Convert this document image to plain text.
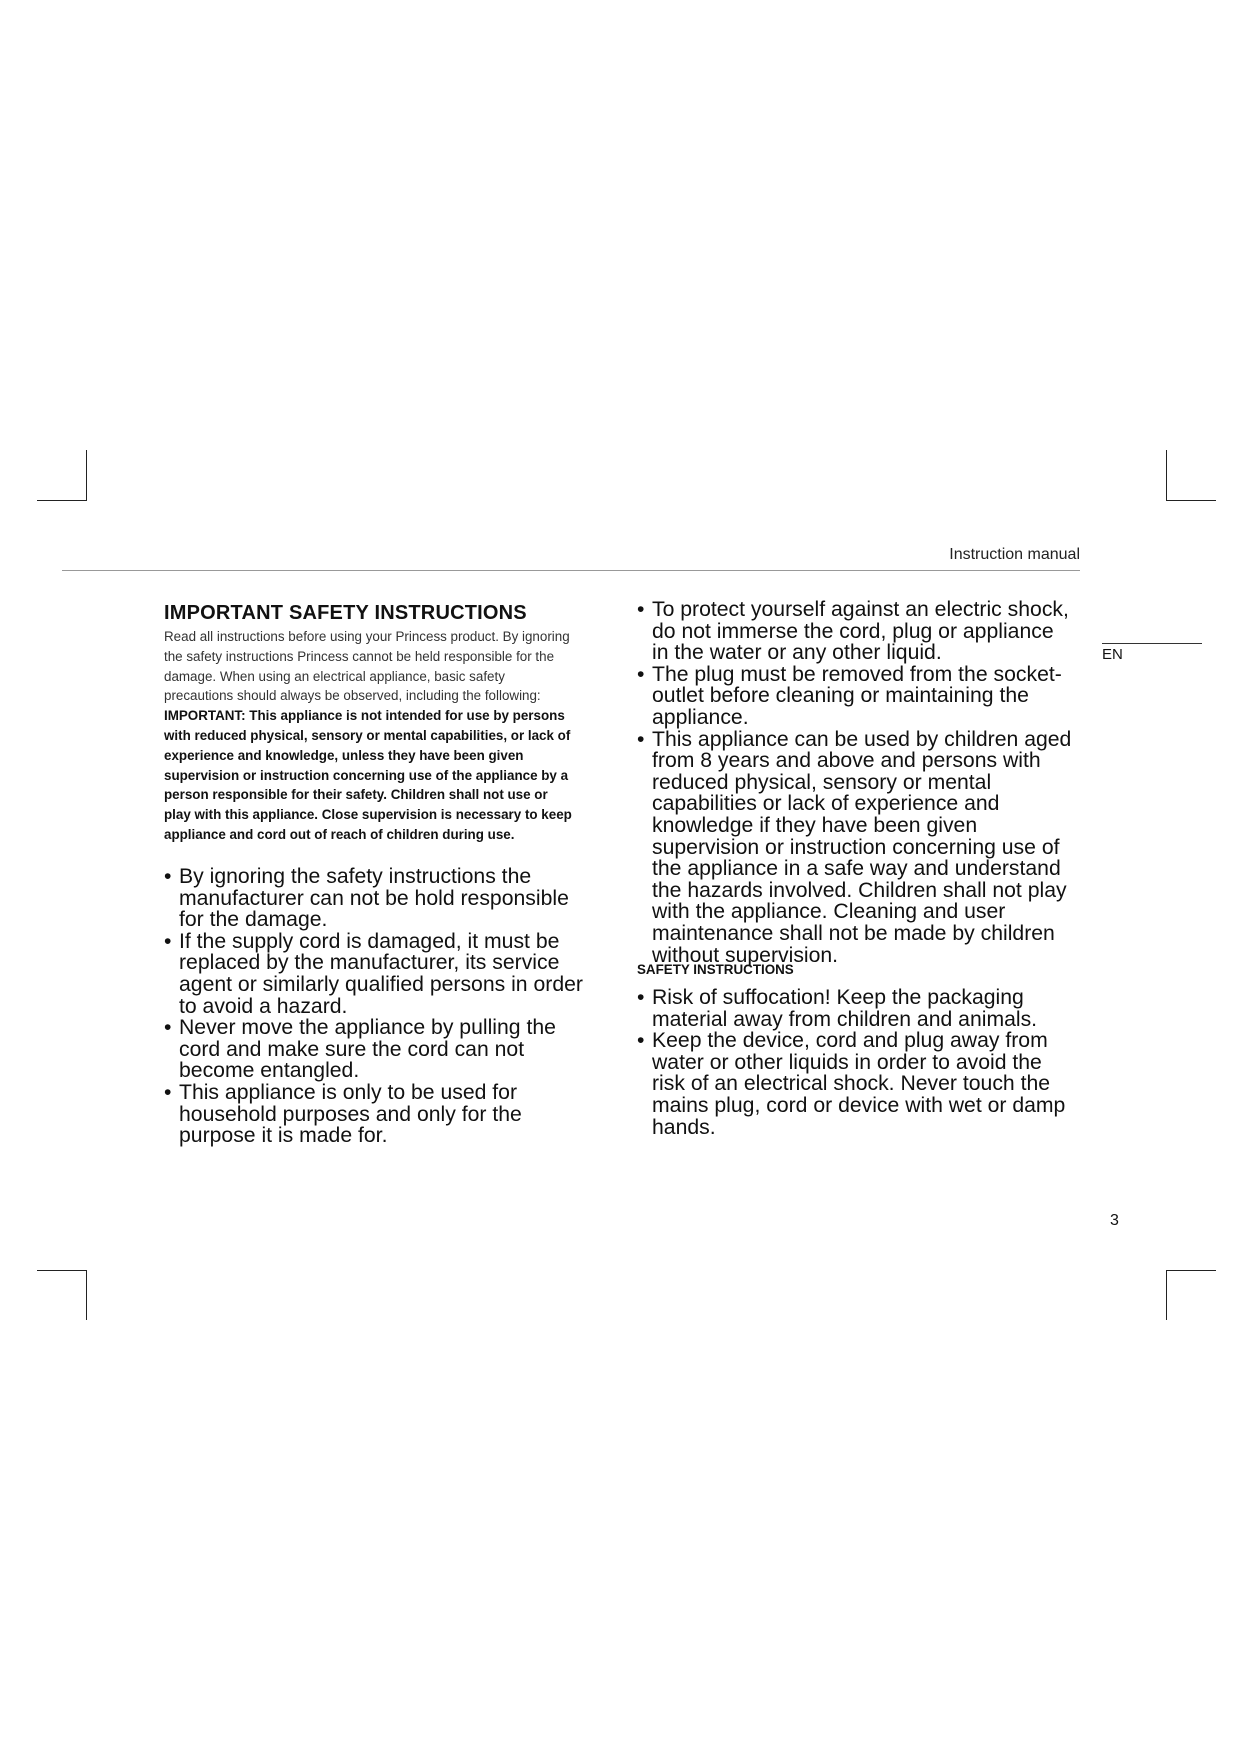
Instruction manual
EN
IMPORTANT SAFETY INSTRUCTIONS
Read all instructions before using your Princess product. By ignoring
the safety instructions Princess cannot be held responsible for the
damage. When using an electrical appliance, basic safety
precautions should always be observed, including the following:
IMPORTANT: This appliance is not intended for use by persons
with reduced physical, sensory or mental capabilities, or lack of
experience and knowledge, unless they have been given
supervision or instruction concerning use of the appliance by a
person responsible for their safety. Children shall not use or
play with this appliance. Close supervision is necessary to keep
appliance and cord out of reach of children during use.
• By ignoring the safety instructions the
manufacturer can not be hold responsible
for the damage.
• If the supply cord is damaged, it must be
replaced by the manufacturer, its service
agent or similarly qualified persons in order
to avoid a hazard.
• Never move the appliance by pulling the
cord and make sure the cord can not
become entangled.
• This appliance is only to be used for
household purposes and only for the
purpose it is made for.
• To protect yourself against an electric shock,
do not immerse the cord, plug or appliance
in the water or any other liquid.
• The plug must be removed from the socket-
outlet before cleaning or maintaining the
appliance.
• This appliance can be used by children aged
from 8 years and above and persons with
reduced physical, sensory or mental
capabilities or lack of experience and
knowledge if they have been given
supervision or instruction concerning use of
the appliance in a safe way and understand
the hazards involved. Children shall not play
with the appliance. Cleaning and user
maintenance shall not be made by children
without supervision.
SAFETY INSTRUCTIONS
• Risk of suffocation! Keep the packaging
material away from children and animals.
• Keep the device, cord and plug away from
water or other liquids in order to avoid the
risk of an electrical shock. Never touch the
mains plug, cord or device with wet or damp
hands.
3
